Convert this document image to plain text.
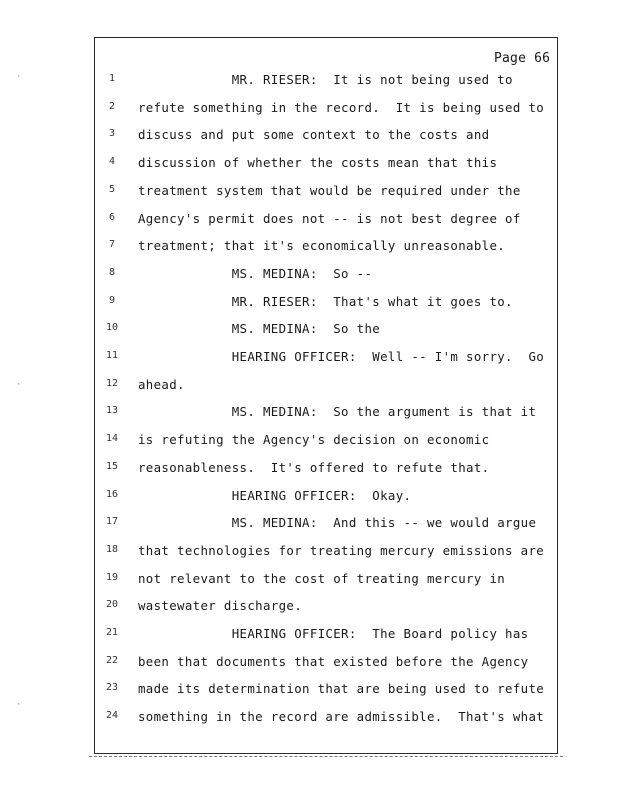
Page 66
1	MR. RIESER:  It is not being used to
2	refute something in the record.  It is being used to
3	discuss and put some context to the costs and
4	discussion of whether the costs mean that this
5	treatment system that would be required under the
6	Agency's permit does not -- is not best degree of
7	treatment; that it's economically unreasonable.
8	MS. MEDINA:  So --
9	MR. RIESER:  That's what it goes to.
10	MS. MEDINA:  So the
11	HEARING OFFICER:  Well -- I'm sorry.  Go
12	ahead.
13	MS. MEDINA:  So the argument is that it
14	is refuting the Agency's decision on economic
15	reasonableness.  It's offered to refute that.
16	HEARING OFFICER:  Okay.
17	MS. MEDINA:  And this -- we would argue
18	that technologies for treating mercury emissions are
19	not relevant to the cost of treating mercury in
20	wastewater discharge.
21	HEARING OFFICER:  The Board policy has
22	been that documents that existed before the Agency
23	made its determination that are being used to refute
24	something in the record are admissible.  That's what
·
·
·
